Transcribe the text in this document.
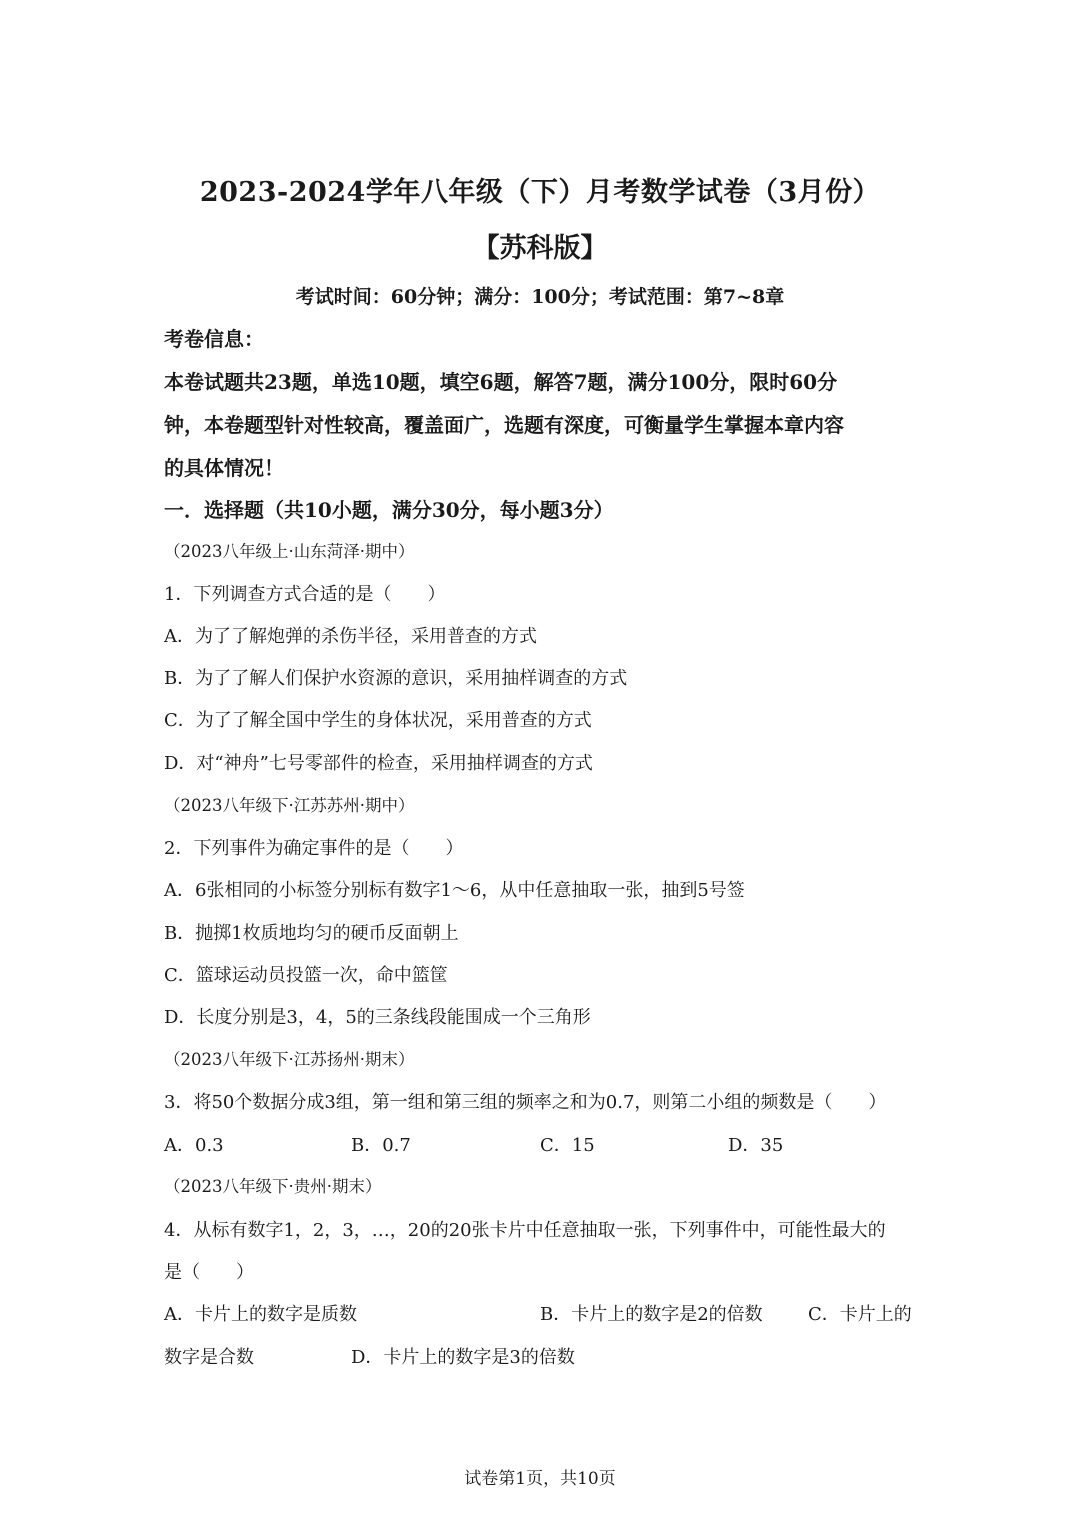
2023-2024学年八年级（下）月考数学试卷（3月份）
【苏科版】
考试时间：60分钟；满分：100分；考试范围：第7~8章
考卷信息：
本卷试题共23题，单选10题，填空6题，解答7题，满分100分，限时60分
钟，本卷题型针对性较高，覆盖面广，选题有深度，可衡量学生掌握本章内容
的具体情况！
一．选择题（共10小题，满分30分，每小题3分）
（2023八年级上·山东菏泽·期中）
1．下列调查方式合适的是（　　）
A．为了了解炮弹的杀伤半径，采用普查的方式
B．为了了解人们保护水资源的意识，采用抽样调查的方式
C．为了了解全国中学生的身体状况，采用普查的方式
D．对“神舟”七号零部件的检查，采用抽样调查的方式
（2023八年级下·江苏苏州·期中）
2．下列事件为确定事件的是（　　）
A．6张相同的小标签分别标有数字1～6，从中任意抽取一张，抽到5号签
B．抛掷1枚质地均匀的硬币反面朝上
C．篮球运动员投篮一次，命中篮筐
D．长度分别是3，4，5的三条线段能围成一个三角形
（2023八年级下·江苏扬州·期末）
3．将50个数据分成3组，第一组和第三组的频率之和为0.7，则第二小组的频数是（　　）
A．0.3	B．0.7	C．15	D．35
（2023八年级下·贵州·期末）
4．从标有数字1，2，3，…，20的20张卡片中任意抽取一张，下列事件中，可能性最大的
是（　　）
A．卡片上的数字是质数	B．卡片上的数字是2的倍数	C．卡片上的
数字是合数	D．卡片上的数字是3的倍数
试卷第1页，共10页
